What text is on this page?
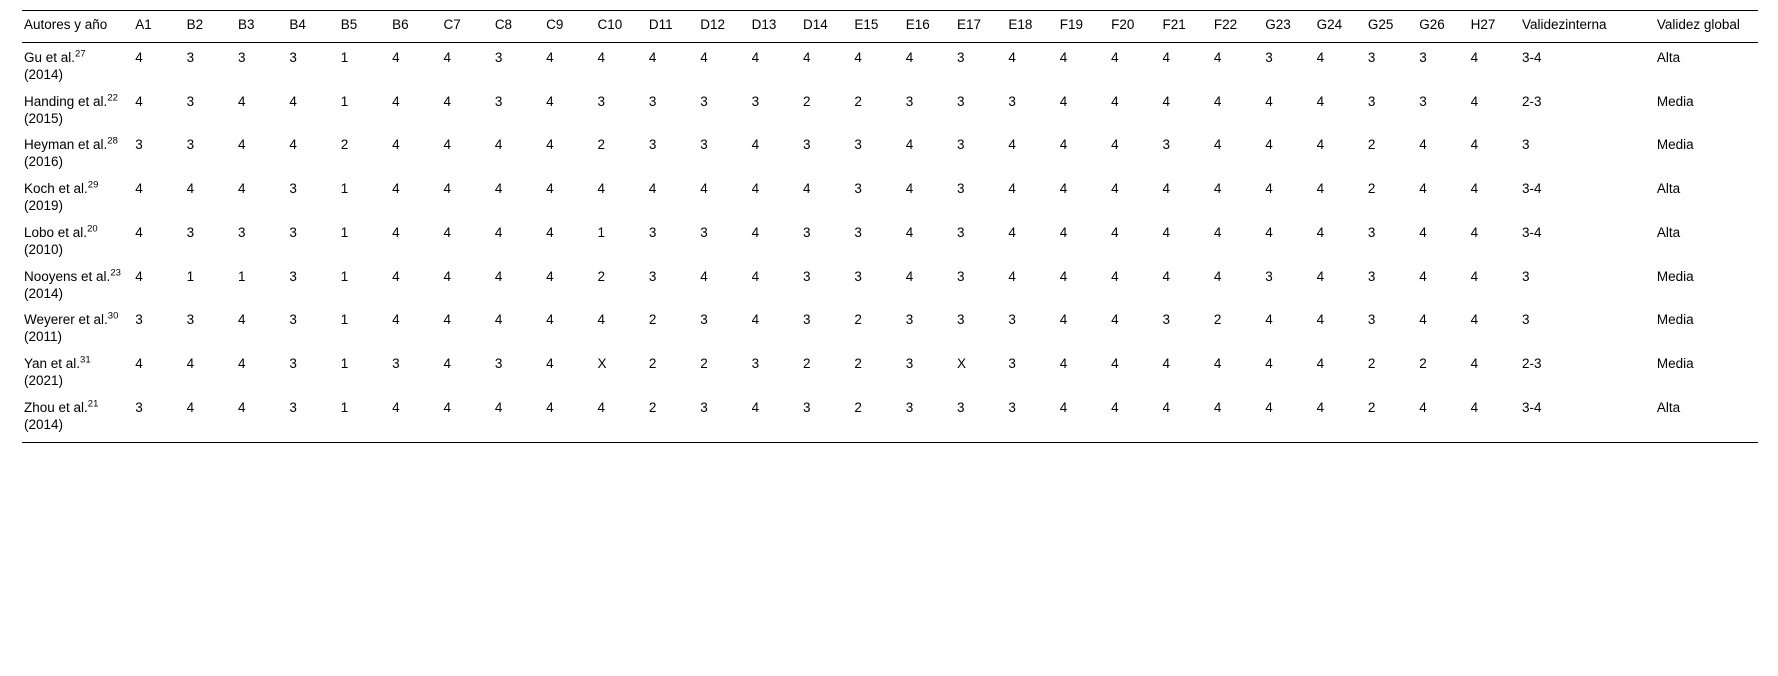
Autores y año	A1	B2	B3	B4	B5	B6	C7	C8	C9	C10	D11	D12	D13	D14	E15	E16	E17	E18	F19	F20	F21	F22	G23	G24	G25	G26	H27	Validezinterna	Validez global
Gu et al.$^{27}$
(2014)	4	3	3	3	1	4	4	3	4	4	4	4	4	4	4	4	3	4	4	4	4	4	3	4	3	3	4	3-4	Alta
Handing et al.$^{22}$
(2015)	4	3	4	4	1	4	4	3	4	3	3	3	3	2	2	3	3	3	4	4	4	4	4	4	3	3	4	2-3	Media
Heyman et al.$^{28}$
(2016)	3	3	4	4	2	4	4	4	4	2	3	3	4	3	3	4	3	4	4	4	3	4	4	4	2	4	4	3	Media
Koch et al.$^{29}$
(2019)	4	4	4	3	1	4	4	4	4	4	4	4	4	4	3	4	3	4	4	4	4	4	4	4	2	4	4	3-4	Alta
Lobo et al.$^{20}$
(2010)	4	3	3	3	1	4	4	4	4	1	3	3	4	3	3	4	3	4	4	4	4	4	4	4	3	4	4	3-4	Alta
Nooyens et al.$^{23}$
(2014)	4	1	1	3	1	4	4	4	4	2	3	4	4	3	3	4	3	4	4	4	4	4	3	4	3	4	4	3	Media
Weyerer et al.$^{30}$
(2011)	3	3	4	3	1	4	4	4	4	4	2	3	4	3	2	3	3	3	4	4	3	2	4	4	3	4	4	3	Media
Yan et al.$^{31}$
(2021)	4	4	4	3	1	3	4	3	4	X	2	2	3	2	2	3	X	3	4	4	4	4	4	4	2	2	4	2-3	Media
Zhou et al.$^{21}$
(2014)	3	4	4	3	1	4	4	4	4	4	2	3	4	3	2	3	3	3	4	4	4	4	4	4	2	4	4	3-4	Alta
